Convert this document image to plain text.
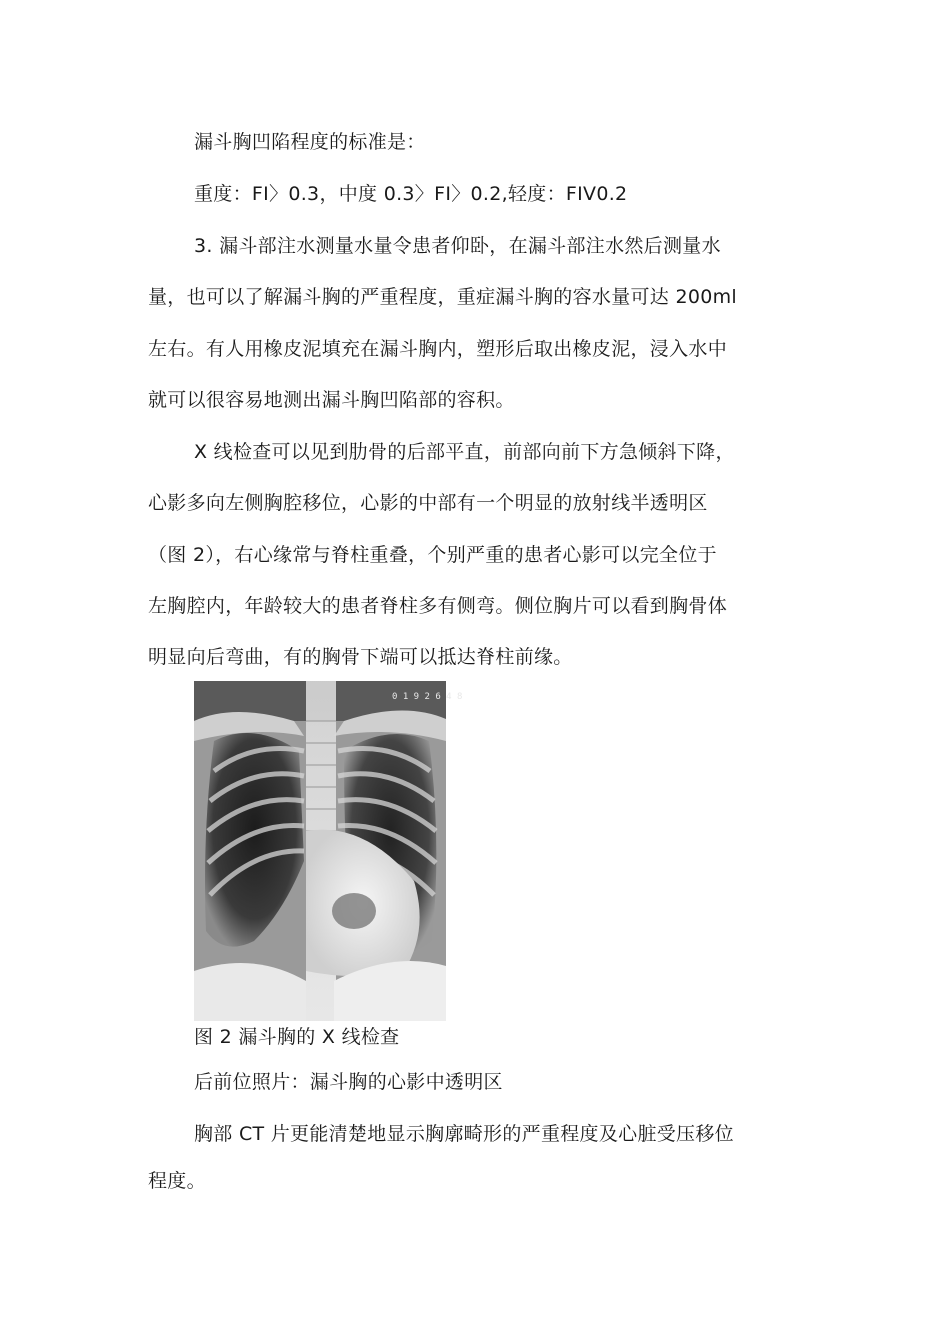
漏斗胸凹陷程度的标准是：
重度：FI〉0.3，中度 0.3〉FI〉0.2,轻度：FIV0.2
3. 漏斗部注水测量水量令患者仰卧，在漏斗部注水然后测量水
量，也可以了解漏斗胸的严重程度，重症漏斗胸的容水量可达 200ml
左右。有人用橡皮泥填充在漏斗胸内，塑形后取出橡皮泥，浸入水中
就可以很容易地测出漏斗胸凹陷部的容积。
X 线检查可以见到肋骨的后部平直，前部向前下方急倾斜下降，
心影多向左侧胸腔移位，心影的中部有一个明显的放射线半透明区
（图 2），右心缘常与脊柱重叠，个别严重的患者心影可以完全位于
左胸腔内，年龄较大的患者脊柱多有侧弯。侧位胸片可以看到胸骨体
明显向后弯曲，有的胸骨下端可以抵达脊柱前缘。
0 1 9 2 6 4 8
图 2 漏斗胸的 X 线检查
后前位照片：漏斗胸的心影中透明区
胸部 CT 片更能清楚地显示胸廓畸形的严重程度及心脏受压移位
程度。
